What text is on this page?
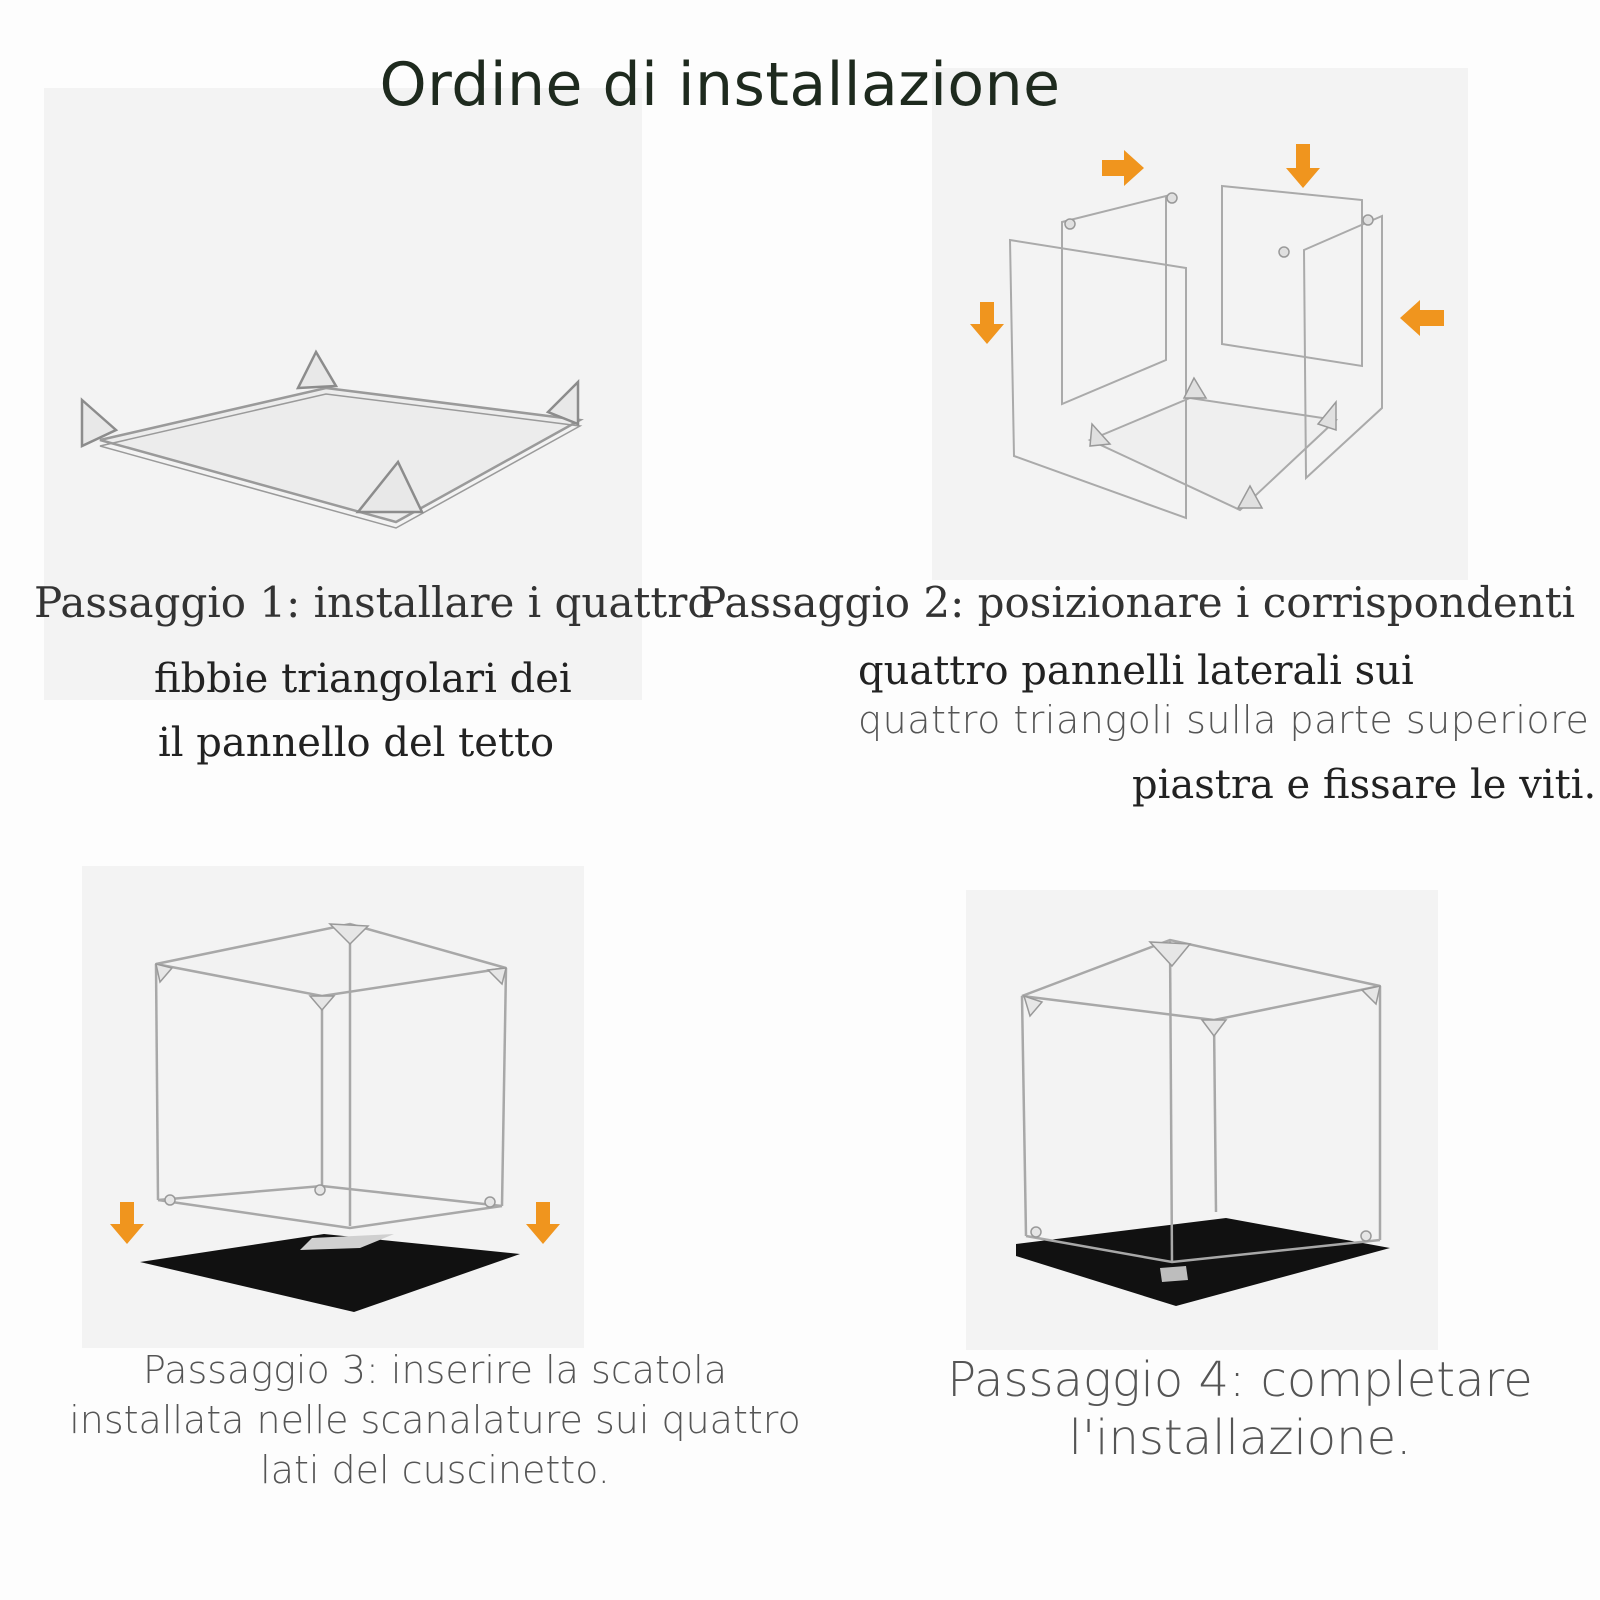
Ordine di installazione
Passaggio 1: installare i quattro
fibbie triangolari dei
il pannello del tetto
Passaggio 2: posizionare i corrispondenti
quattro pannelli laterali sui
quattro triangoli sulla parte superiore
piastra e fissare le viti.
Passaggio 3: inserire la scatola
installata nelle scanalature sui quattro
lati del cuscinetto.
Passaggio 4: completare
l'installazione.
